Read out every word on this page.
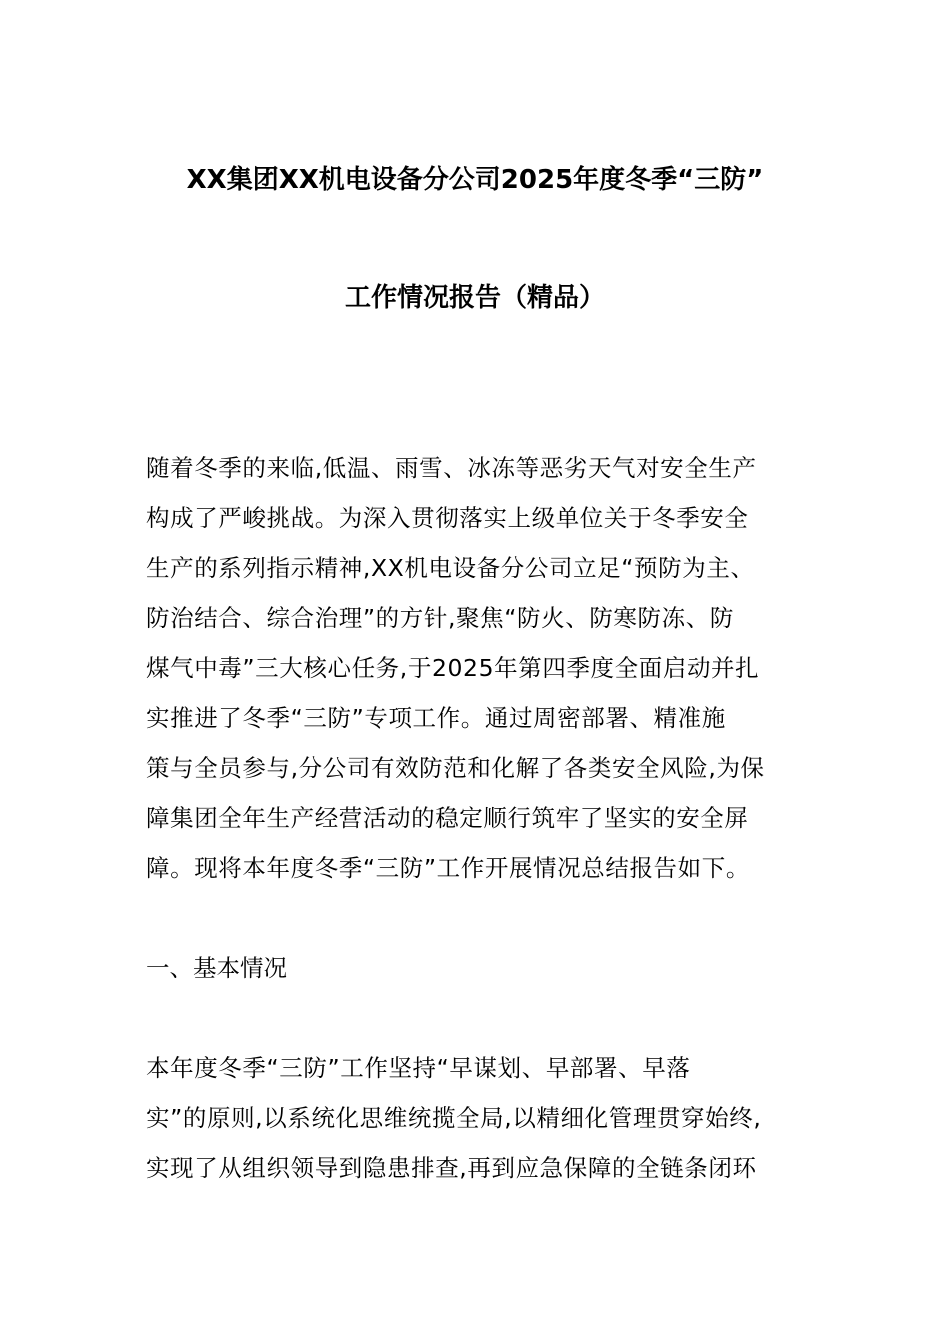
XX集团XX机电设备分公司2025年度冬季“三防”
工作情况报告（精品）
随着冬季的来临,低温、雨雪、冰冻等恶劣天气对安全生产
构成了严峻挑战。为深入贯彻落实上级单位关于冬季安全
生产的系列指示精神,XX机电设备分公司立足“预防为主、
防治结合、综合治理”的方针,聚焦“防火、防寒防冻、防
煤气中毒”三大核心任务,于2025年第四季度全面启动并扎
实推进了冬季“三防”专项工作。通过周密部署、精准施
策与全员参与,分公司有效防范和化解了各类安全风险,为保
障集团全年生产经营活动的稳定顺行筑牢了坚实的安全屏
障。现将本年度冬季“三防”工作开展情况总结报告如下。
一、基本情况
本年度冬季“三防”工作坚持“早谋划、早部署、早落
实”的原则,以系统化思维统揽全局,以精细化管理贯穿始终,
实现了从组织领导到隐患排查,再到应急保障的全链条闭环
